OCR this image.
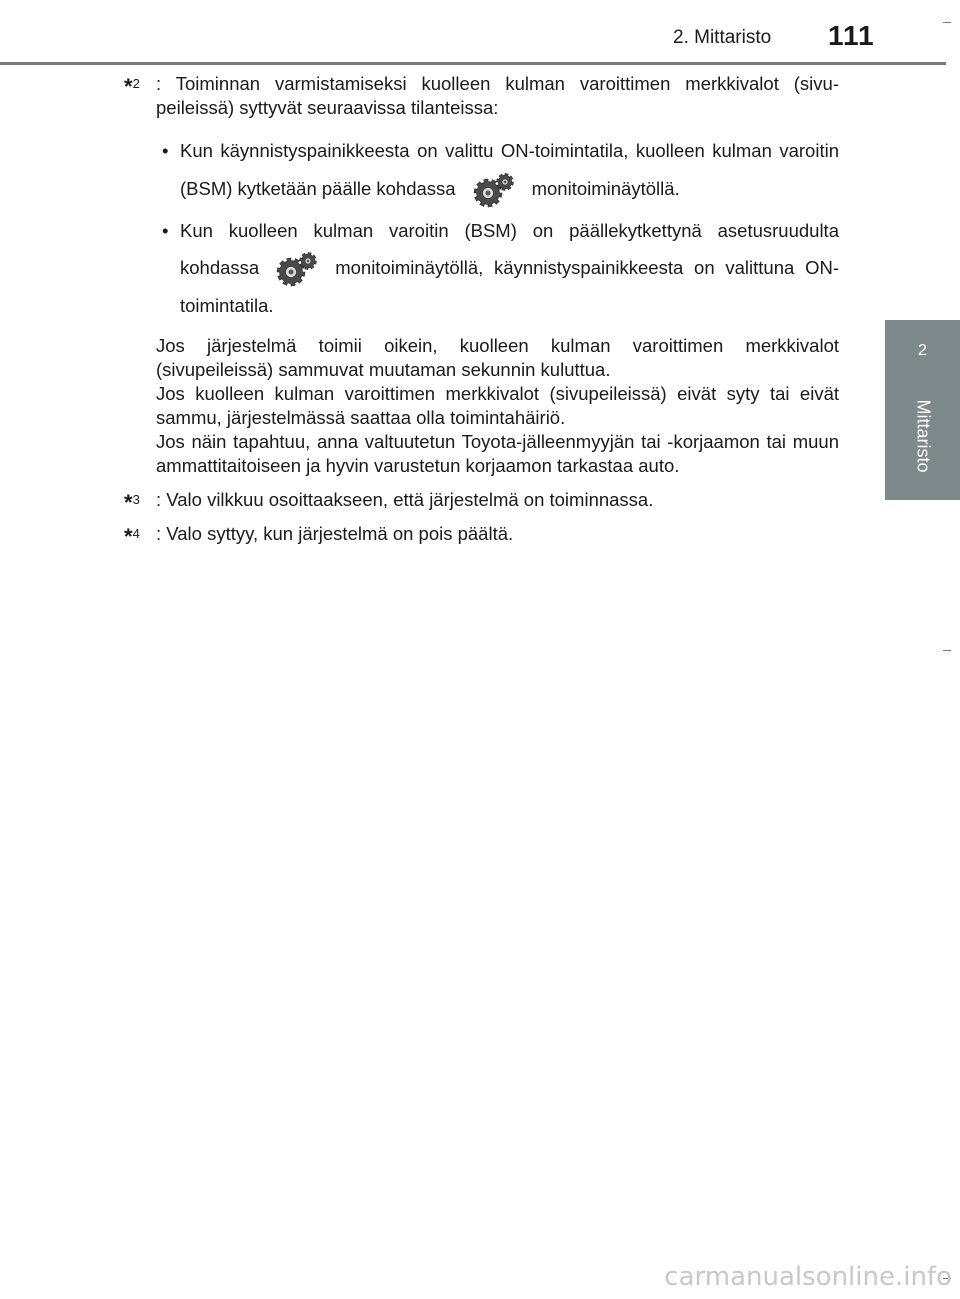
2. Mittaristo 111
2
Mittaristo
*$^2$ : Toiminnan varmistamiseksi kuolleen kulman varoittimen merkkivalot (sivu-peileissä) syttyvät seuraavissa tilanteissa:
• Kun käynnistyspainikkeesta on valittu ON-toimintatila, kuolleen kulman varoitin (BSM) kytketään päälle kohdassa	monitoiminäytöllä.
• Kun kuolleen kulman varoitin (BSM) on päällekytkettynä asetusruudulta kohdassa	monitoiminäytöllä, käynnistyspainikkeesta on valittuna ON-toimintatila.
Jos järjestelmä toimii oikein, kuolleen kulman varoittimen merkkivalot (sivupeileissä) sammuvat muutaman sekunnin kuluttua.
Jos kuolleen kulman varoittimen merkkivalot (sivupeileissä) eivät syty tai eivät sammu, järjestelmässä saattaa olla toimintahäiriö.
Jos näin tapahtuu, anna valtuutetun Toyota-jälleenmyyjän tai -korjaamon tai muun ammattitaitoiseen ja hyvin varustetun korjaamon tarkastaa auto.
*$^3$ : Valo vilkkuu osoittaakseen, että järjestelmä on toiminnassa.
*$^4$ : Valo syttyy, kun järjestelmä on pois päältä.
carmanualsonline.info
